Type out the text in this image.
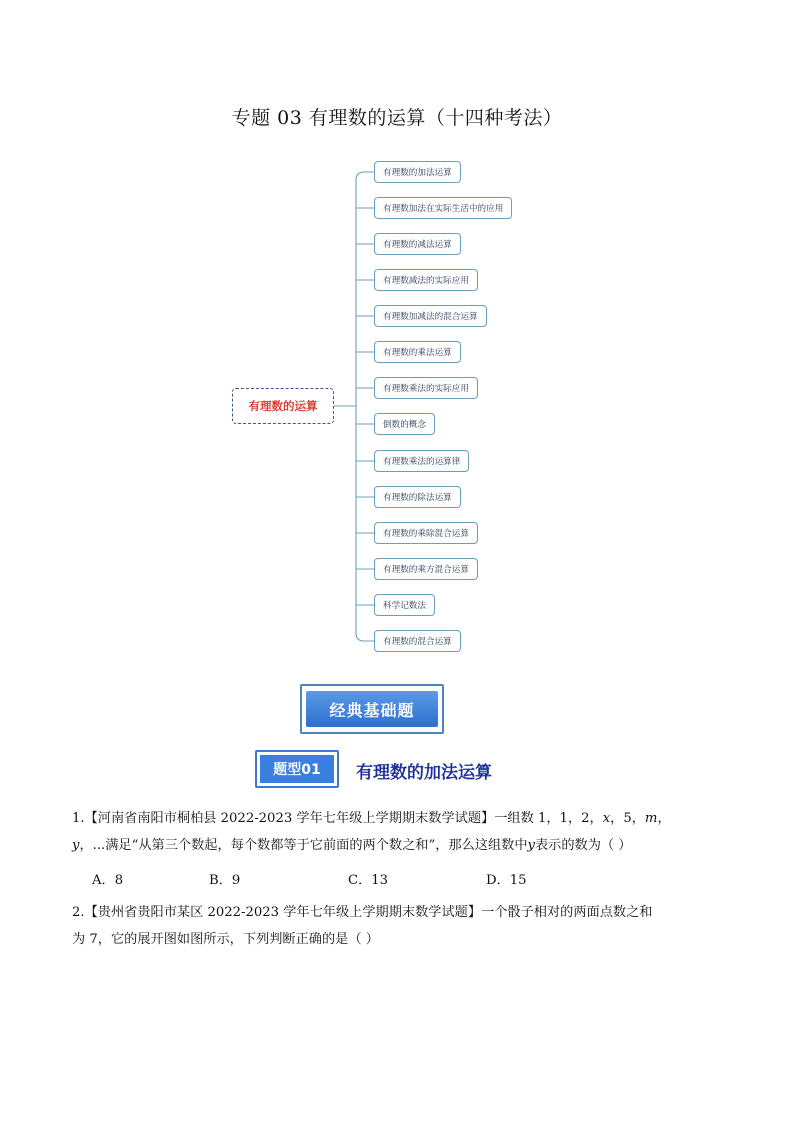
专题 03 有理数的运算（十四种考法）
有理数的运算
有理数的加法运算
有理数加法在实际生活中的应用
有理数的减法运算
有理数减法的实际应用
有理数加减法的混合运算
有理数的乘法运算
有理数乘法的实际应用
倒数的概念
有理数乘法的运算律
有理数的除法运算
有理数的乘除混合运算
有理数的乘方混合运算
科学记数法
有理数的混合运算
经典基础题
题型01	有理数的加法运算
1.【河南省南阳市桐柏县 2022-2023 学年七年级上学期期末数学试题】一组数 1，1，2，x，5，m，
y，...满足“从第三个数起，每个数都等于它前面的两个数之和”，那么这组数中y表示的数为（ ）
A．8	B．9	C．13	D．15
2.【贵州省贵阳市某区 2022-2023 学年七年级上学期期末数学试题】一个骰子相对的两面点数之和
为 7，它的展开图如图所示，下列判断正确的是（ ）
